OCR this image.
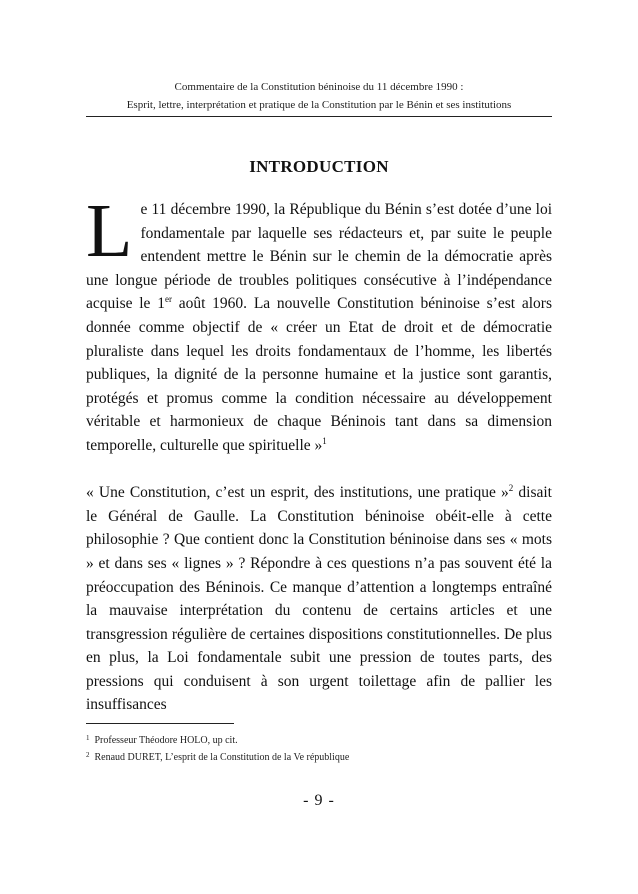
Commentaire de la Constitution béninoise du 11 décembre 1990 :
Esprit, lettre, interprétation et pratique de la Constitution par le Bénin et ses institutions
INTRODUCTION

Le 11 décembre 1990, la République du Bénin s’est dotée d’une loi fondamentale par laquelle ses rédacteurs et, par suite le peuple entendent mettre le Bénin sur le chemin de la démocratie après une longue période de troubles politiques consécutive à l’indépendance acquise le 1er août 1960. La nouvelle Constitution béninoise s’est alors donnée comme objectif de « créer un Etat de droit et de démocratie pluraliste dans lequel les droits fondamentaux de l’homme, les libertés publiques, la dignité de la personne humaine et la justice sont garantis, protégés et promus comme la condition nécessaire au développement véritable et harmonieux de chaque Béninois tant dans sa dimension temporelle, culturelle que spirituelle »$^1$

« Une Constitution, c’est un esprit, des institutions, une pratique »$^2$ disait le Général de Gaulle. La Constitution béninoise obéit-elle à cette philosophie ? Que contient donc la Constitution béninoise dans ses « mots » et dans ses « lignes » ? Répondre à ces questions n’a pas souvent été la préoccupation des Béninois. Ce manque d’attention a longtemps entraîné la mauvaise interprétation du contenu de certains articles et une transgression régulière de certaines dispositions constitutionnelles. De plus en plus, la Loi fondamentale subit une pression de toutes parts, des pressions qui conduisent à son urgent toilettage afin de pallier les insuffisances

$^1$ Professeur Théodore HOLO, up cit.
$^2$ Renaud DURET, L’esprit de la Constitution de la Ve république
- 9 -
